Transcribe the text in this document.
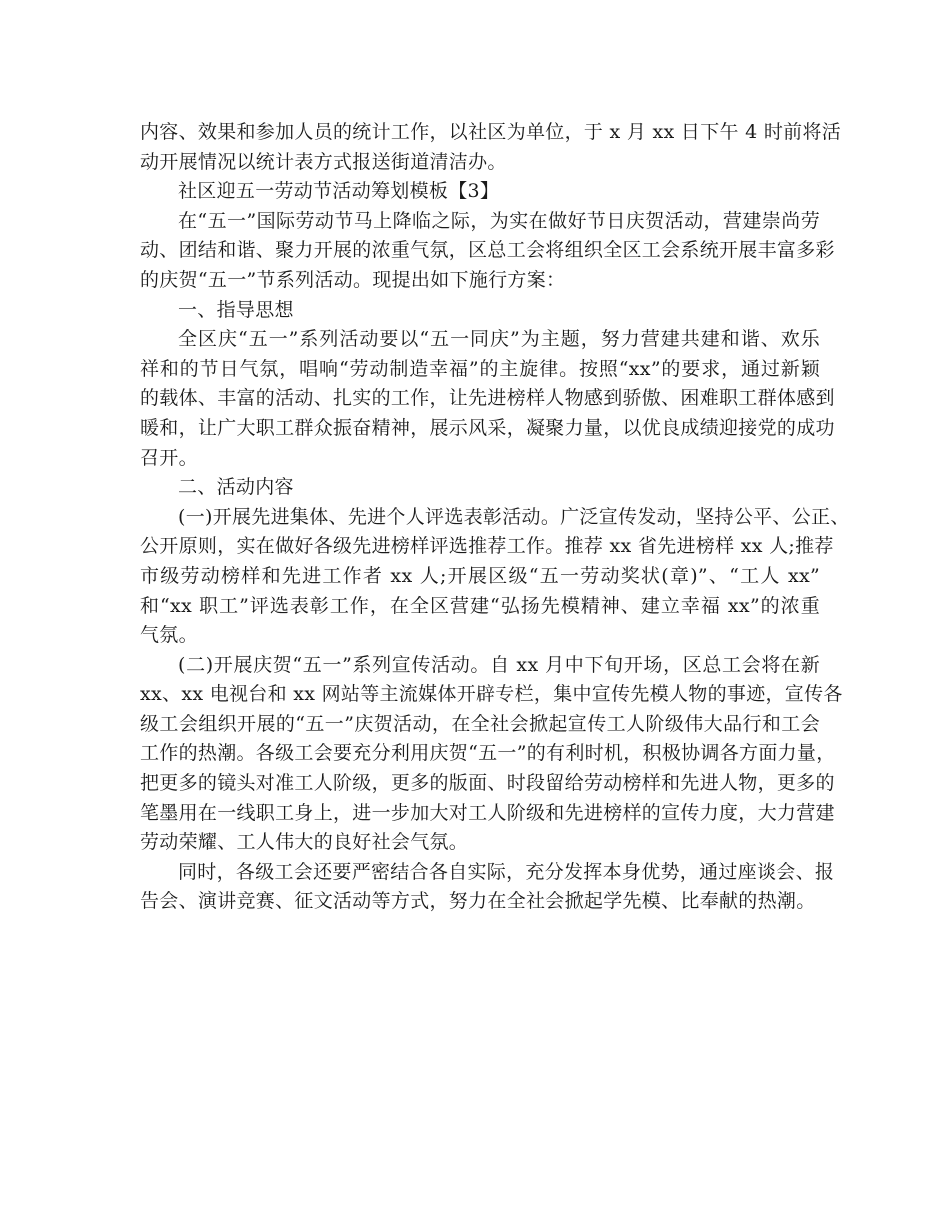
内容、效果和参加人员的统计工作，以社区为单位，于 x 月 xx 日下午 4 时前将活
动开展情况以统计表方式报送街道清洁办。
社区迎五一劳动节活动筹划模板【3】
在“五一”国际劳动节马上降临之际，为实在做好节日庆贺活动，营建崇尚劳
动、团结和谐、聚力开展的浓重气氛，区总工会将组织全区工会系统开展丰富多彩
的庆贺“五一”节系列活动。现提出如下施行方案：
一、指导思想
全区庆“五一”系列活动要以“五一同庆”为主题，努力营建共建和谐、欢乐
祥和的节日气氛，唱响“劳动制造幸福”的主旋律。按照“xx”的要求，通过新颖
的载体、丰富的活动、扎实的工作，让先进榜样人物感到骄傲、困难职工群体感到
暖和，让广大职工群众振奋精神，展示风采，凝聚力量，以优良成绩迎接党的成功
召开。
二、活动内容
(一)开展先进集体、先进个人评选表彰活动。广泛宣传发动，坚持公平、公正、
公开原则，实在做好各级先进榜样评选推荐工作。推荐 xx 省先进榜样 xx 人;推荐
市级劳动榜样和先进工作者 xx 人;开展区级“五一劳动奖状(章)”、“工人 xx”
和“xx 职工”评选表彰工作，在全区营建“弘扬先模精神、建立幸福 xx”的浓重
气氛。
(二)开展庆贺“五一”系列宣传活动。自 xx 月中下旬开场，区总工会将在新
xx、xx 电视台和 xx 网站等主流媒体开辟专栏，集中宣传先模人物的事迹，宣传各
级工会组织开展的“五一”庆贺活动，在全社会掀起宣传工人阶级伟大品行和工会
工作的热潮。各级工会要充分利用庆贺“五一”的有利时机，积极协调各方面力量，
把更多的镜头对准工人阶级，更多的版面、时段留给劳动榜样和先进人物，更多的
笔墨用在一线职工身上，进一步加大对工人阶级和先进榜样的宣传力度，大力营建
劳动荣耀、工人伟大的良好社会气氛。
同时，各级工会还要严密结合各自实际，充分发挥本身优势，通过座谈会、报
告会、演讲竞赛、征文活动等方式，努力在全社会掀起学先模、比奉献的热潮。
